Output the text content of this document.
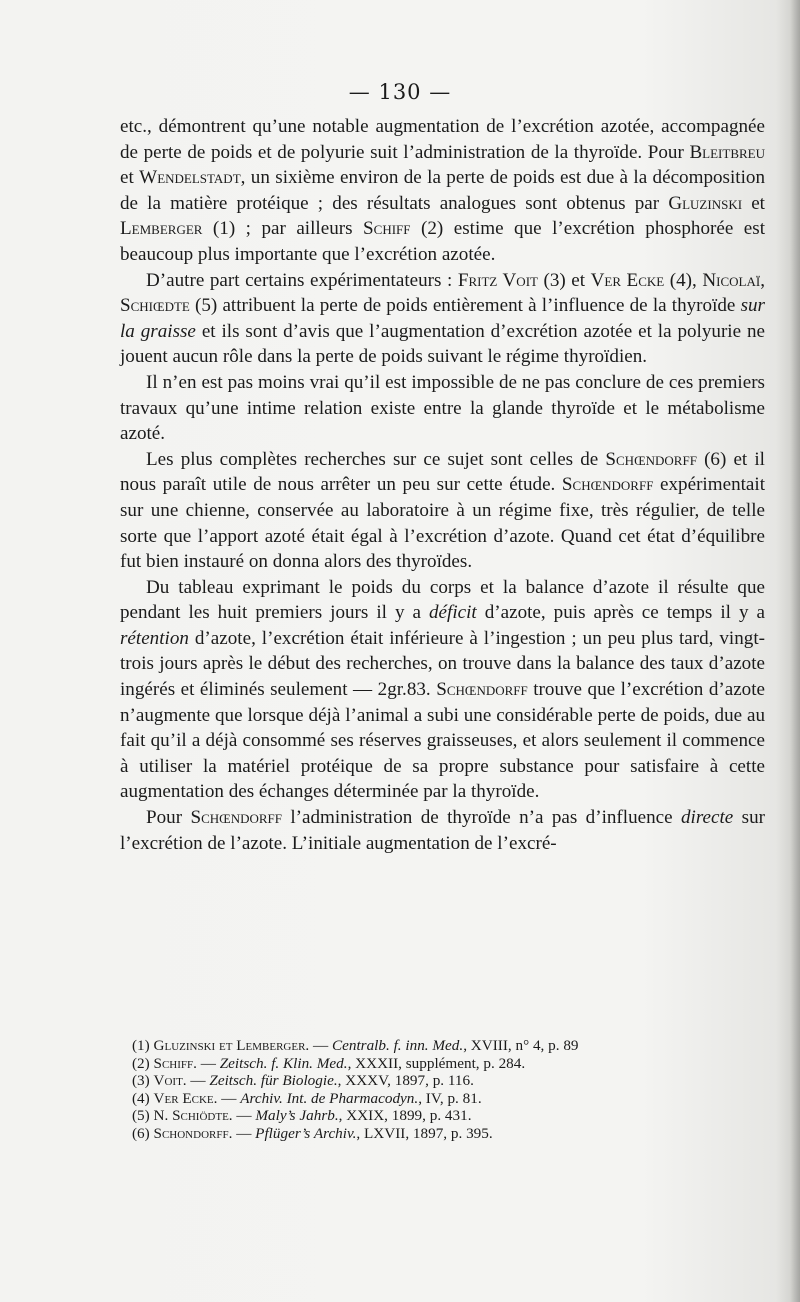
— 130 —

etc., démontrent qu’une notable augmentation de l’excrétion azotée, accompagnée de perte de poids et de polyurie suit l’administration de la thyroïde. Pour Bleitbreu et Wendelstadt, un sixième environ de la perte de poids est due à la décomposition de la matière protéique ; des résultats analogues sont obtenus par Gluzinski et Lemberger (1) ; par ailleurs Schiff (2) estime que l’excrétion phosphorée est beaucoup plus importante que l’excrétion azotée.

D’autre part certains expérimentateurs : Fritz Voit (3) et Ver Ecke (4), Nicolaï, Schiœdte (5) attribuent la perte de poids entièrement à l’influence de la thyroïde sur la graisse et ils sont d’avis que l’augmentation d’excrétion azotée et la polyurie ne jouent aucun rôle dans la perte de poids suivant le régime thyroïdien.

Il n’en est pas moins vrai qu’il est impossible de ne pas conclure de ces premiers travaux qu’une intime relation existe entre la glande thyroïde et le métabolisme azoté.

Les plus complètes recherches sur ce sujet sont celles de Schœndorff (6) et il nous paraît utile de nous arrêter un peu sur cette étude. Schœndorff expérimentait sur une chienne, conservée au laboratoire à un régime fixe, très régulier, de telle sorte que l’apport azoté était égal à l’excrétion d’azote. Quand cet état d’équilibre fut bien instauré on donna alors des thyroïdes.

Du tableau exprimant le poids du corps et la balance d’azote il résulte que pendant les huit premiers jours il y a déficit d’azote, puis après ce temps il y a rétention d’azote, l’excrétion était inférieure à l’ingestion ; un peu plus tard, vingt-trois jours après le début des recherches, on trouve dans la balance des taux d’azote ingérés et éliminés seulement — 2gr.83. Schœndorff trouve que l’excrétion d’azote n’augmente que lorsque déjà l’animal a subi une considérable perte de poids, due au fait qu’il a déjà consommé ses réserves graisseuses, et alors seulement il commence à utiliser la matériel protéique de sa propre substance pour satisfaire à cette augmentation des échanges déterminée par la thyroïde.

Pour Schœndorff l’administration de thyroïde n’a pas d’influence directe sur l’excrétion de l’azote. L’initiale augmentation de l’excré-

(1) Gluzinski et Lemberger. — Centralb. f. inn. Med., XVIII, n° 4, p. 89
(2) Schiff. — Zeitsch. f. Klin. Med., XXXII, supplément, p. 284.
(3) Voit. — Zeitsch. für Biologie., XXXV, 1897, p. 116.
(4) Ver Ecke. — Archiv. Int. de Pharmacodyn., IV, p. 81.
(5) N. Schiödte. — Maly’s Jahrb., XXIX, 1899, p. 431.
(6) Schondorff. — Pflüger’s Archiv., LXVII, 1897, p. 395.
